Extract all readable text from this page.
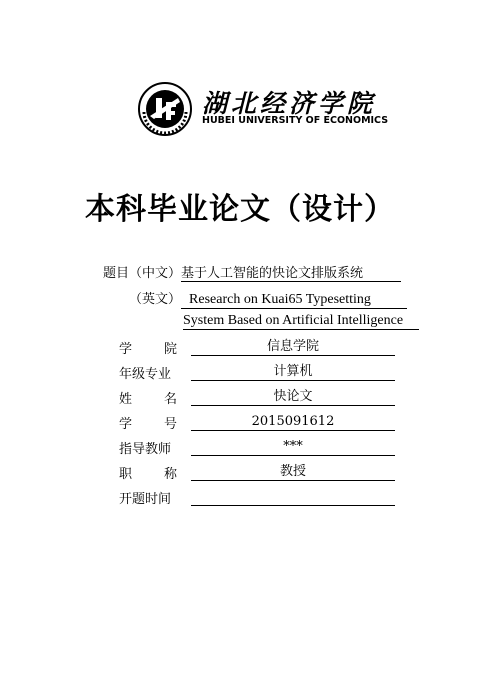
湖北经济学院
HUBEI UNIVERSITY OF ECONOMICS
本科毕业论文（设计）
题目（中文）基于人工智能的快论文排版系统
（英文） Research on Kuai65 Typesetting
System Based on Artificial Intelligence
学 院	信息学院
年级专业	计算机
姓 名	快论文
学 号	2015091612
指导教师	***
职 称	教授
开题时间
